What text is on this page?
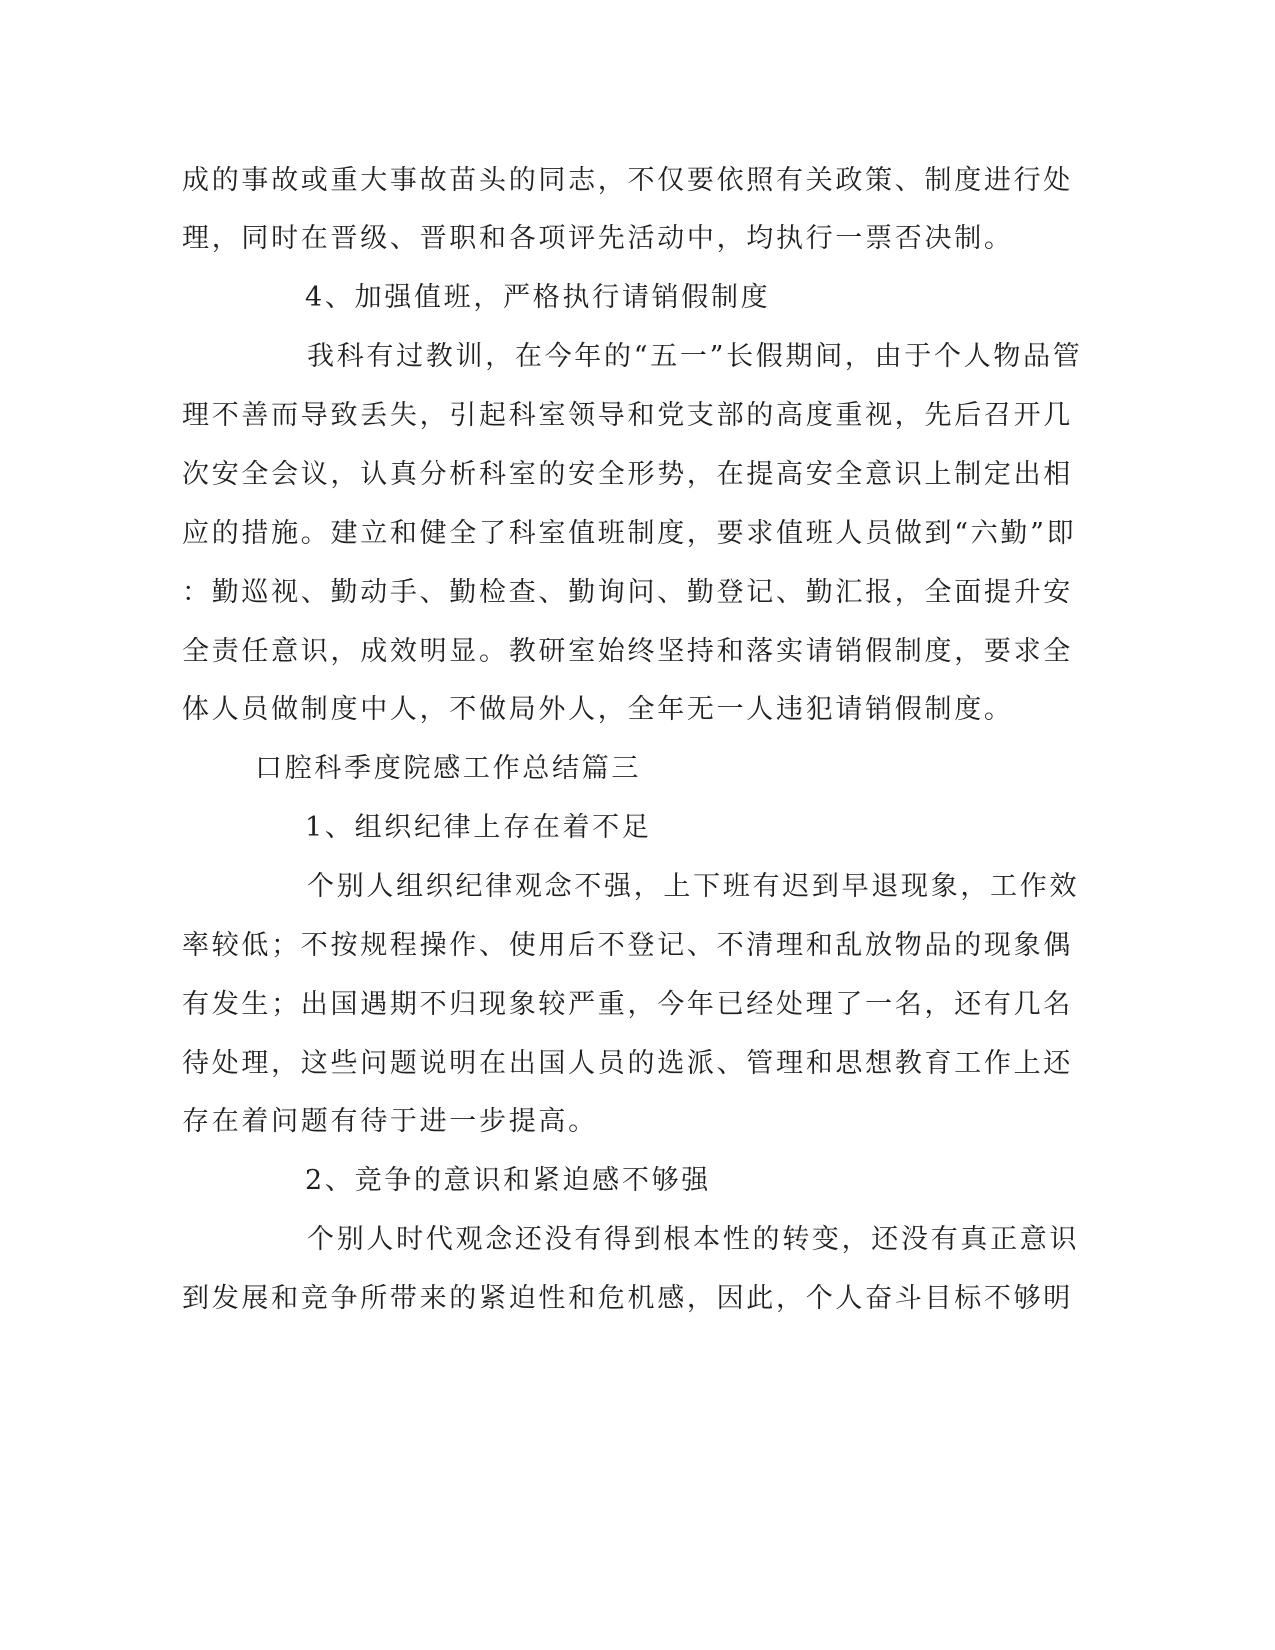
成的事故或重大事故苗头的同志，不仅要依照有关政策、制度进行处
理，同时在晋级、晋职和各项评先活动中，均执行一票否决制。
4、加强值班，严格执行请销假制度
我科有过教训，在今年的“五一”长假期间，由于个人物品管
理不善而导致丢失，引起科室领导和党支部的高度重视，先后召开几
次安全会议，认真分析科室的安全形势，在提高安全意识上制定出相
应的措施。建立和健全了科室值班制度，要求值班人员做到“六勤”即
：勤巡视、勤动手、勤检查、勤询问、勤登记、勤汇报，全面提升安
全责任意识，成效明显。教研室始终坚持和落实请销假制度，要求全
体人员做制度中人，不做局外人，全年无一人违犯请销假制度。
口腔科季度院感工作总结篇三
1、组织纪律上存在着不足
个别人组织纪律观念不强，上下班有迟到早退现象，工作效
率较低；不按规程操作、使用后不登记、不清理和乱放物品的现象偶
有发生；出国遇期不归现象较严重，今年已经处理了一名，还有几名
待处理，这些问题说明在出国人员的选派、管理和思想教育工作上还
存在着问题有待于进一步提高。
2、竞争的意识和紧迫感不够强
个别人时代观念还没有得到根本性的转变，还没有真正意识
到发展和竞争所带来的紧迫性和危机感，因此，个人奋斗目标不够明
